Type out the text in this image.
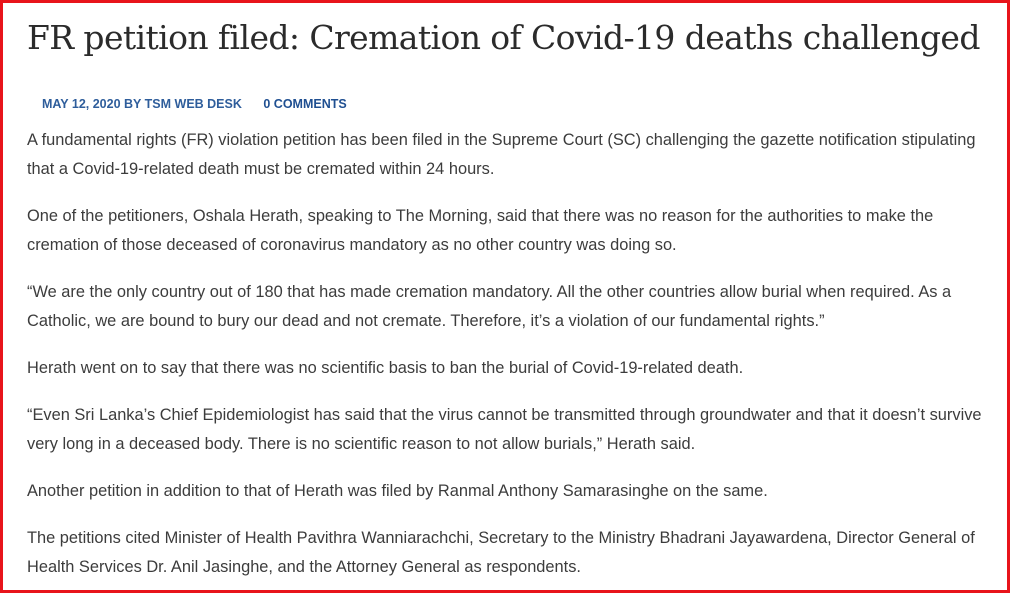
FR petition filed: Cremation of Covid-19 deaths challenged
MAY 12, 2020 BY TSM WEB DESK 0 COMMENTS

A fundamental rights (FR) violation petition has been filed in the Supreme Court (SC) challenging the gazette notification stipulating that a Covid-19-related death must be cremated within 24 hours.

One of the petitioners, Oshala Herath, speaking to The Morning, said that there was no reason for the authorities to make the cremation of those deceased of coronavirus mandatory as no other country was doing so.

“We are the only country out of 180 that has made cremation mandatory. All the other countries allow burial when required. As a Catholic, we are bound to bury our dead and not cremate. Therefore, it’s a violation of our fundamental rights.”

Herath went on to say that there was no scientific basis to ban the burial of Covid-19-related death.

“Even Sri Lanka’s Chief Epidemiologist has said that the virus cannot be transmitted through groundwater and that it doesn’t survive very long in a deceased body. There is no scientific reason to not allow burials,” Herath said.

Another petition in addition to that of Herath was filed by Ranmal Anthony Samarasinghe on the same.

The petitions cited Minister of Health Pavithra Wanniarachchi, Secretary to the Ministry Bhadrani Jayawardena, Director General of Health Services Dr. Anil Jasinghe, and the Attorney General as respondents.
